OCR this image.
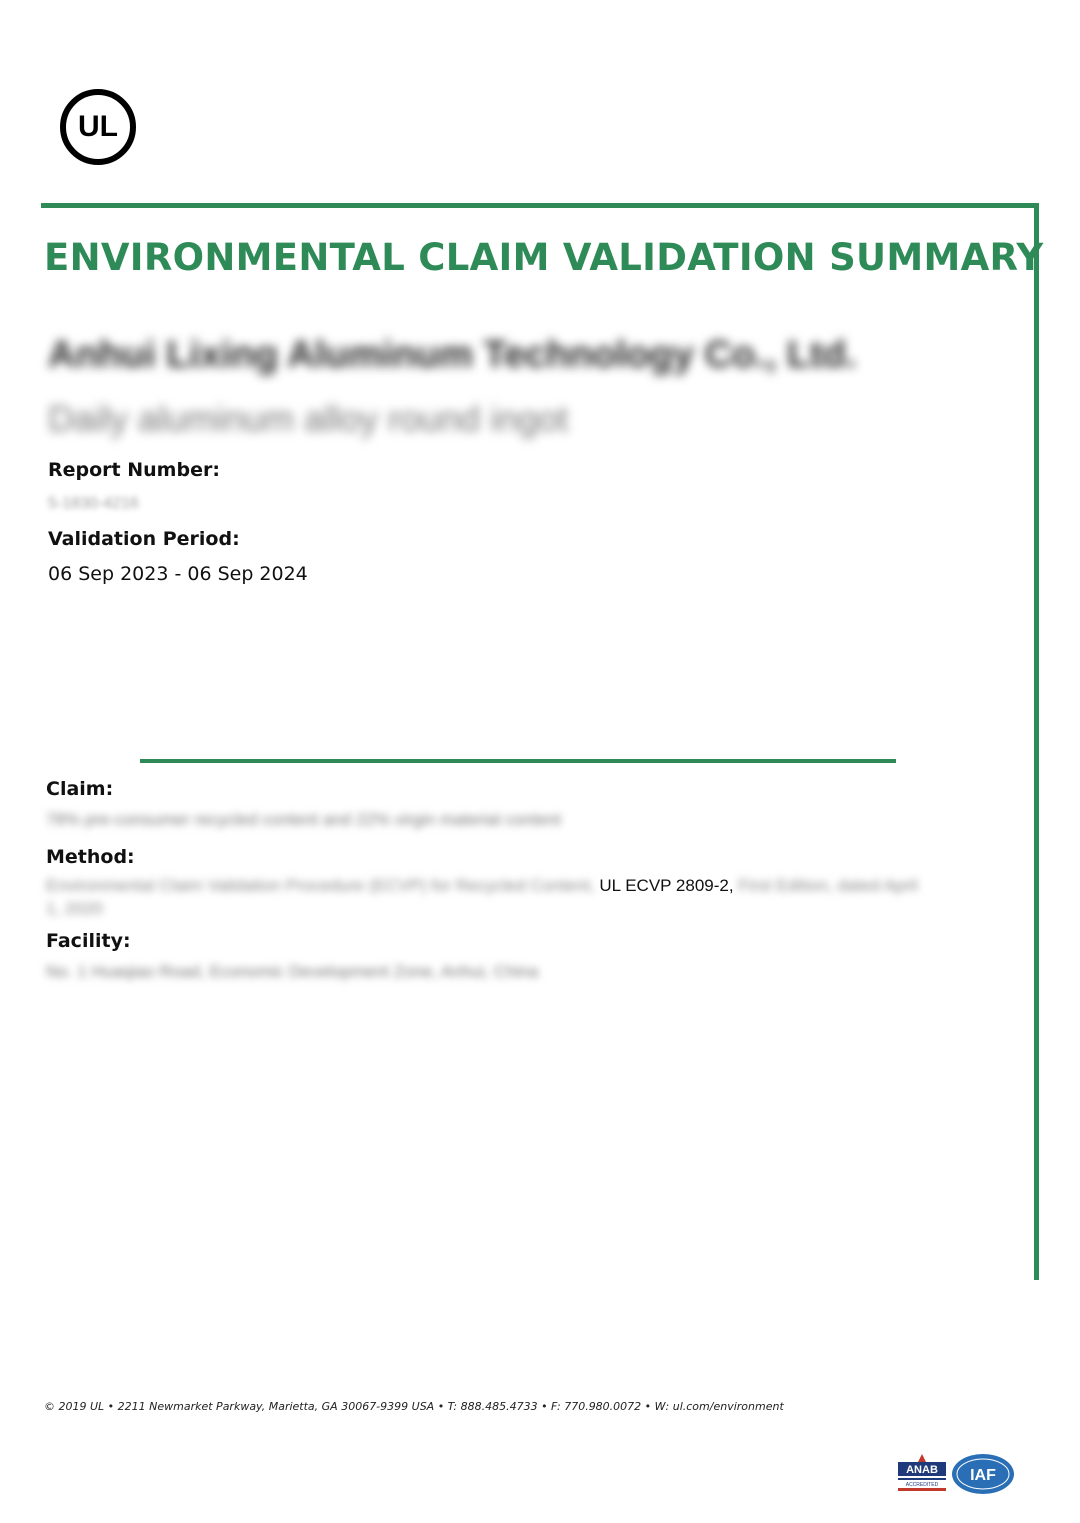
UL
ENVIRONMENTAL CLAIM VALIDATION SUMMARY
Anhui Lixing Aluminum Technology Co., Ltd.
Daily aluminum alloy round ingot
Report Number:
5-1830-4216
Validation Period:
06 Sep 2023 - 06 Sep 2024
Claim:
78% pre-consumer recycled content and 22% virgin material content
Method:
Environmental Claim Validation Procedure (ECVP) for Recycled Content, UL ECVP 2809-2, First Edition, dated April
1, 2020
Facility:
No. 1 Huaqiao Road, Economic Development Zone, Anhui, China
© 2019 UL • 2211 Newmarket Parkway, Marietta, GA 30067-9399 USA • T: 888.485.4733 • F: 770.980.0072 • W: ul.com/environment
ANAB
ACCREDITED
IAF
